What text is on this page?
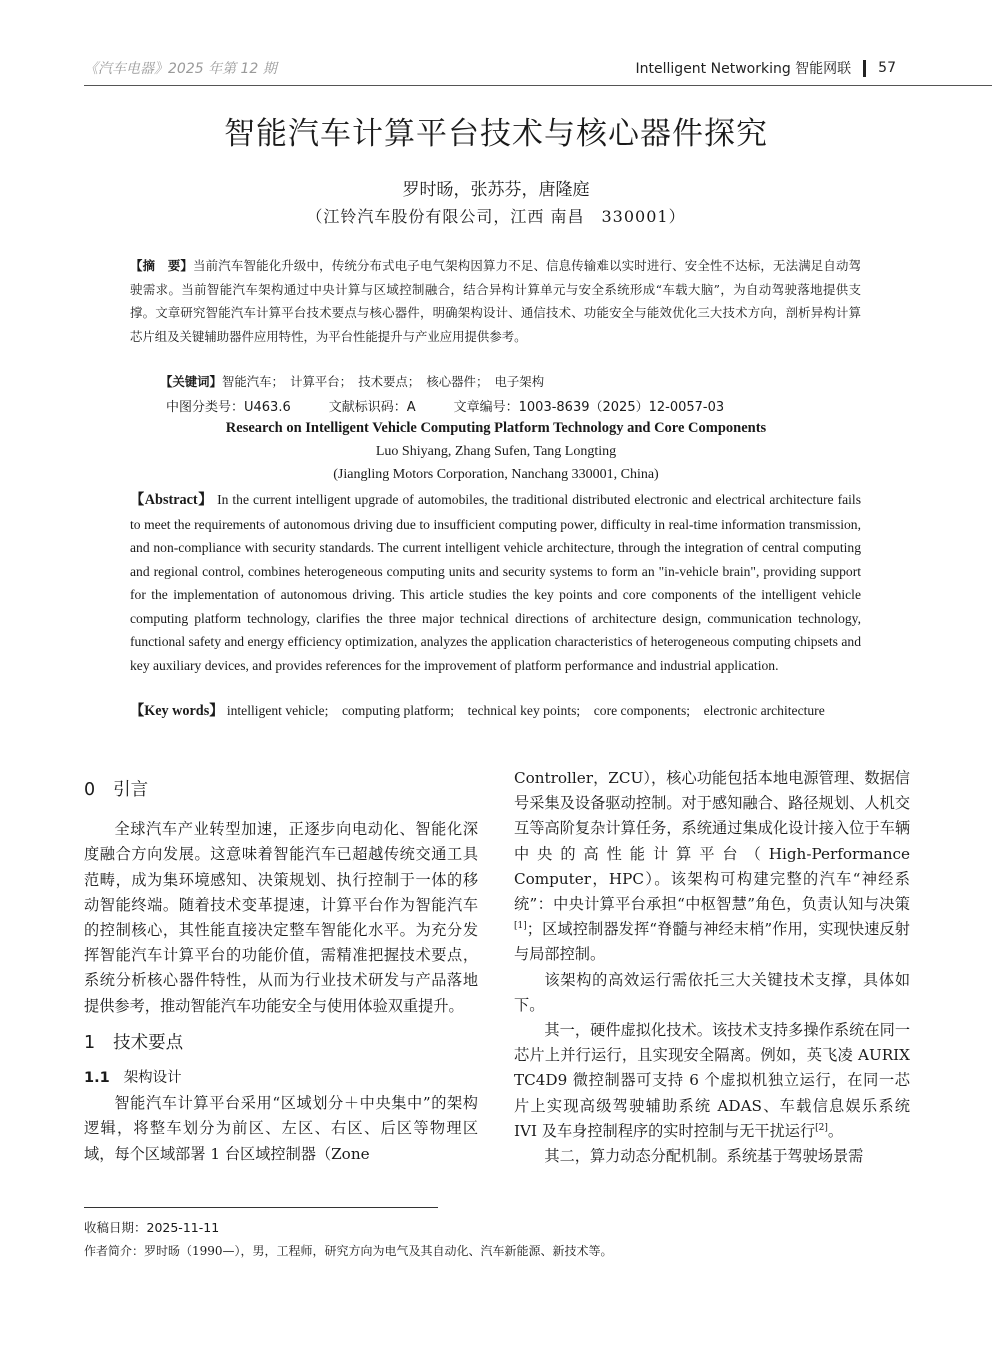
《汽车电器》2025 年第 12 期	Intelligent Networking 智能网联 57
智能汽车计算平台技术与核心器件探究
罗时旸，张苏芬，唐隆庭
（江铃汽车股份有限公司，江西 南昌　330001）
【摘　要】当前汽车智能化升级中，传统分布式电子电气架构因算力不足、信息传输难以实时进行、安全性不达标，无法满足自动驾驶需求。当前智能汽车架构通过中央计算与区域控制融合，结合异构计算单元与安全系统形成“车载大脑”，为自动驾驶落地提供支撑。文章研究智能汽车计算平台技术要点与核心器件，明确架构设计、通信技术、功能安全与能效优化三大技术方向，剖析异构计算芯片组及关键辅助器件应用特性，为平台性能提升与产业应用提供参考。
【关键词】智能汽车；　计算平台；　技术要点；　核心器件；　电子架构
中图分类号：U463.6	文献标识码：A	文章编号：1003-8639（2025）12-0057-03
Research on Intelligent Vehicle Computing Platform Technology and Core Components
Luo Shiyang, Zhang Sufen, Tang Longting
(Jiangling Motors Corporation, Nanchang 330001, China)
【Abstract】 In the current intelligent upgrade of automobiles, the traditional distributed electronic and electrical architecture fails to meet the requirements of autonomous driving due to insufficient computing power, difficulty in real-time information transmission, and non-compliance with security standards. The current intelligent vehicle architecture, through the integration of central computing and regional control, combines heterogeneous computing units and security systems to form an "in-vehicle brain", providing support for the implementation of autonomous driving. This article studies the key points and core components of the intelligent vehicle computing platform technology, clarifies the three major technical directions of architecture design, communication technology, functional safety and energy efficiency optimization, analyzes the application characteristics of heterogeneous computing chipsets and key auxiliary devices, and provides references for the improvement of platform performance and industrial application.
【Key words】 intelligent vehicle;　computing platform;　technical key points;　core components;　electronic architecture

0 引言

全球汽车产业转型加速，正逐步向电动化、智能化深度融合方向发展。这意味着智能汽车已超越传统交通工具范畴，成为集环境感知、决策规划、执行控制于一体的移动智能终端。随着技术变革提速，计算平台作为智能汽车的控制核心，其性能直接决定整车智能化水平。为充分发挥智能汽车计算平台的功能价值，需精准把握技术要点，系统分析核心器件特性，从而为行业技术研发与产品落地提供参考，推动智能汽车功能安全与使用体验双重提升。

1 技术要点

1.1 架构设计

智能汽车计算平台采用“区域划分＋中央集中”的架构逻辑，将整车划分为前区、左区、右区、后区等物理区域，每个区域部署 1 台区域控制器（Zone

Controller，ZCU），核心功能包括本地电源管理、数据信号采集及设备驱动控制。对于感知融合、路径规划、人机交互等高阶复杂计算任务，系统通过集成化设计接入位于车辆中央的高性能计算平台（High-Performance Computer，HPC）。该架构可构建完整的汽车“神经系统”：中央计算平台承担“中枢智慧”角色，负责认知与决策[1]；区域控制器发挥“脊髓与神经末梢”作用，实现快速反射与局部控制。

该架构的高效运行需依托三大关键技术支撑，具体如下。

其一，硬件虚拟化技术。该技术支持多操作系统在同一芯片上并行运行，且实现安全隔离。例如，英飞凌 AURIX TC4D9 微控制器可支持 6 个虚拟机独立运行，在同一芯片上实现高级驾驶辅助系统 ADAS、车载信息娱乐系统 IVI 及车身控制程序的实时控制与无干扰运行[2]。

其二，算力动态分配机制。系统基于驾驶场景需

收稿日期：2025-11-11
作者简介：罗时旸（1990—），男，工程师，研究方向为电气及其自动化、汽车新能源、新技术等。
